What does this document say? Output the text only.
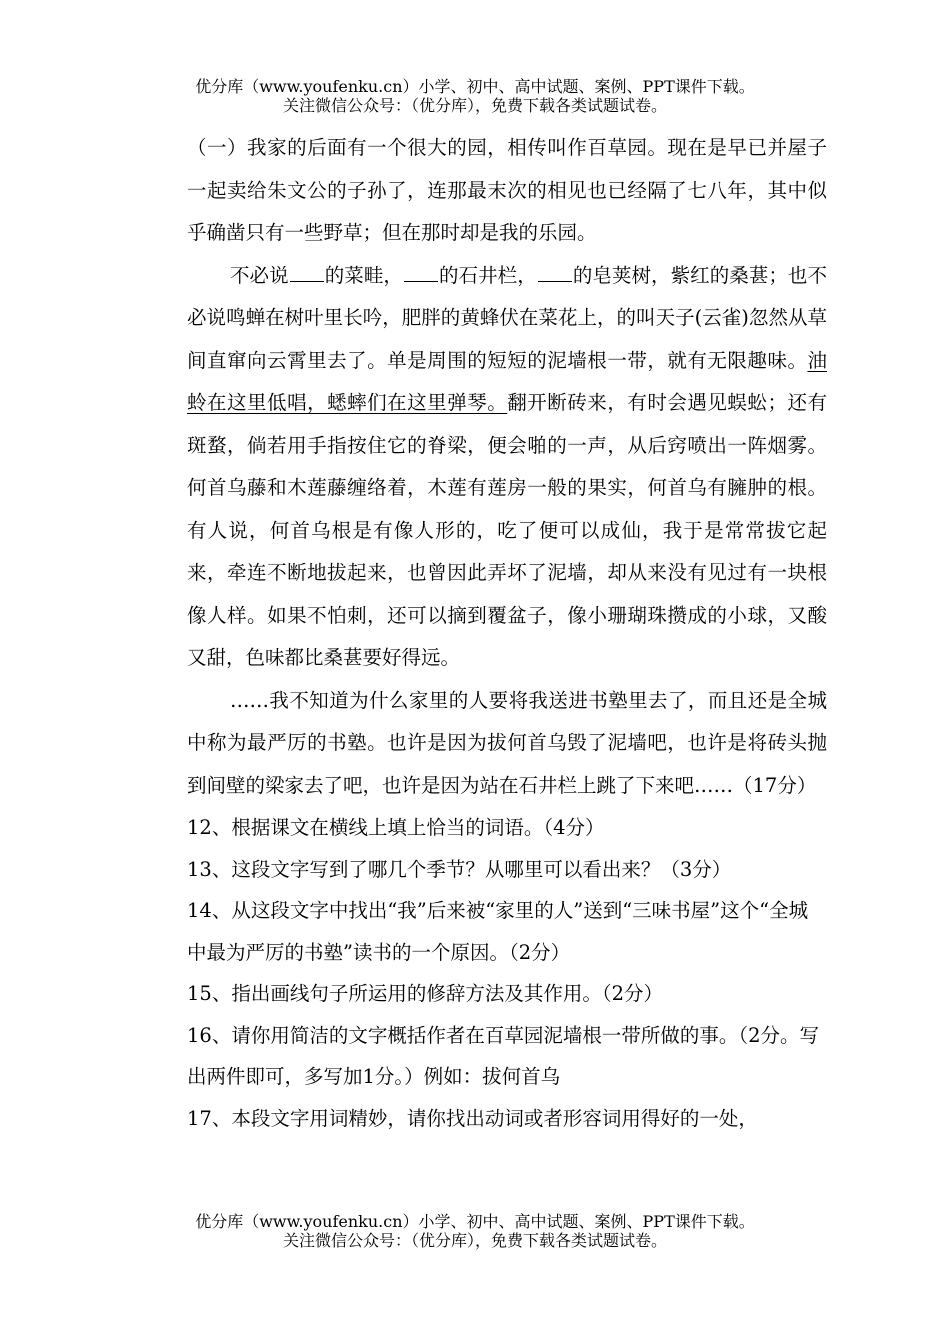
优分库（www.youfenku.cn）小学、初中、高中试题、案例、PPT课件下载。
关注微信公众号：（优分库），免费下载各类试题试卷。

（一）我家的后面有一个很大的园，相传叫作百草园。现在是早已并屋子一起卖给朱文公的子孙了，连那最末次的相见也已经隔了七八年，其中似乎确凿只有一些野草；但在那时却是我的乐园。

不必说 的菜畦， 的石井栏， 的皂荚树，紫红的桑葚；也不必说鸣蝉在树叶里长吟，肥胖的黄蜂伏在菜花上，的叫天子(云雀)忽然从草间直窜向云霄里去了。单是周围的短短的泥墙根一带，就有无限趣味。油蛉在这里低唱，蟋蟀们在这里弹琴。翻开断砖来，有时会遇见蜈蚣；还有斑蝥，倘若用手指按住它的脊梁，便会啪的一声，从后窍喷出一阵烟雾。何首乌藤和木莲藤缠络着，木莲有莲房一般的果实，何首乌有臃肿的根。有人说，何首乌根是有像人形的，吃了便可以成仙，我于是常常拔它起来，牵连不断地拔起来，也曾因此弄坏了泥墙，却从来没有见过有一块根像人样。如果不怕刺，还可以摘到覆盆子，像小珊瑚珠攒成的小球，又酸又甜，色味都比桑葚要好得远。

……我不知道为什么家里的人要将我送进书塾里去了，而且还是全城中称为最严厉的书塾。也许是因为拔何首乌毁了泥墙吧，也许是将砖头抛到间壁的梁家去了吧，也许是因为站在石井栏上跳了下来吧……（17分）

12、根据课文在横线上填上恰当的词语。（4分）

13、这段文字写到了哪几个季节？从哪里可以看出来？（3分）

14、从这段文字中找出“我”后来被“家里的人”送到“三味书屋”这个“全城中最为严厉的书塾”读书的一个原因。（2分）

15、指出画线句子所运用的修辞方法及其作用。（2分）

16、请你用简洁的文字概括作者在百草园泥墙根一带所做的事。（2分。写出两件即可，多写加1分。）例如：拔何首乌

17、本段文字用词精妙，请你找出动词或者形容词用得好的一处，

优分库（www.youfenku.cn）小学、初中、高中试题、案例、PPT课件下载。
关注微信公众号：（优分库），免费下载各类试题试卷。
